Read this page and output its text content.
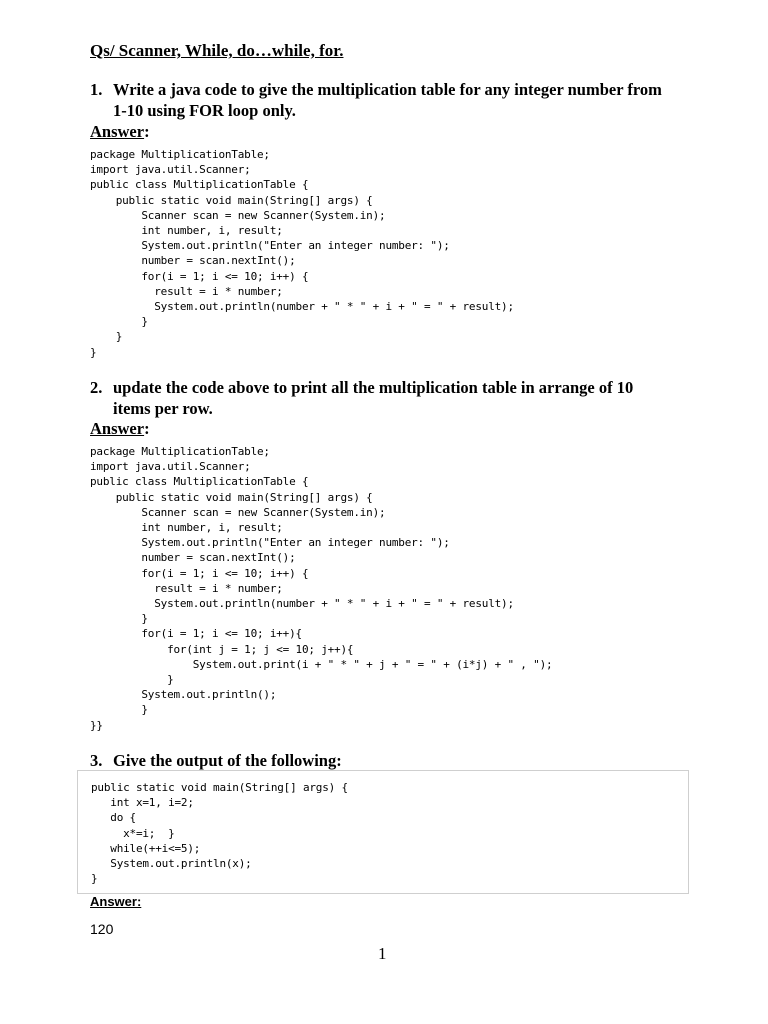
Qs/ Scanner, While, do…while, for.
1. Write a java code to give the multiplication table for any integer number from 1-10 using FOR loop only.
Answer:
package MultiplicationTable;
import java.util.Scanner;
public class MultiplicationTable {
public static void main(String[] args) {
Scanner scan = new Scanner(System.in);
int number, i, result;
System.out.println("Enter an integer number: ");
number = scan.nextInt();
for(i = 1; i <= 10; i++) {
result = i * number;
System.out.println(number + " * " + i + " = " + result);
}
}
}
2. update the code above to print all the multiplication table in arrange of 10 items per row.
Answer:
package MultiplicationTable;
import java.util.Scanner;
public class MultiplicationTable {
public static void main(String[] args) {
Scanner scan = new Scanner(System.in);
int number, i, result;
System.out.println("Enter an integer number: ");
number = scan.nextInt();
for(i = 1; i <= 10; i++) {
result = i * number;
System.out.println(number + " * " + i + " = " + result);
}
for(i = 1; i <= 10; i++){
for(int j = 1; j <= 10; j++){
System.out.print(i + " * " + j + " = " + (i*j) + " , ");
}
System.out.println();
}
}}
3. Give the output of the following:
public static void main(String[] args) {
int x=1, i=2;
do {
x*=i;  }
while(++i<=5);
System.out.println(x);
}
Answer:
120
1
